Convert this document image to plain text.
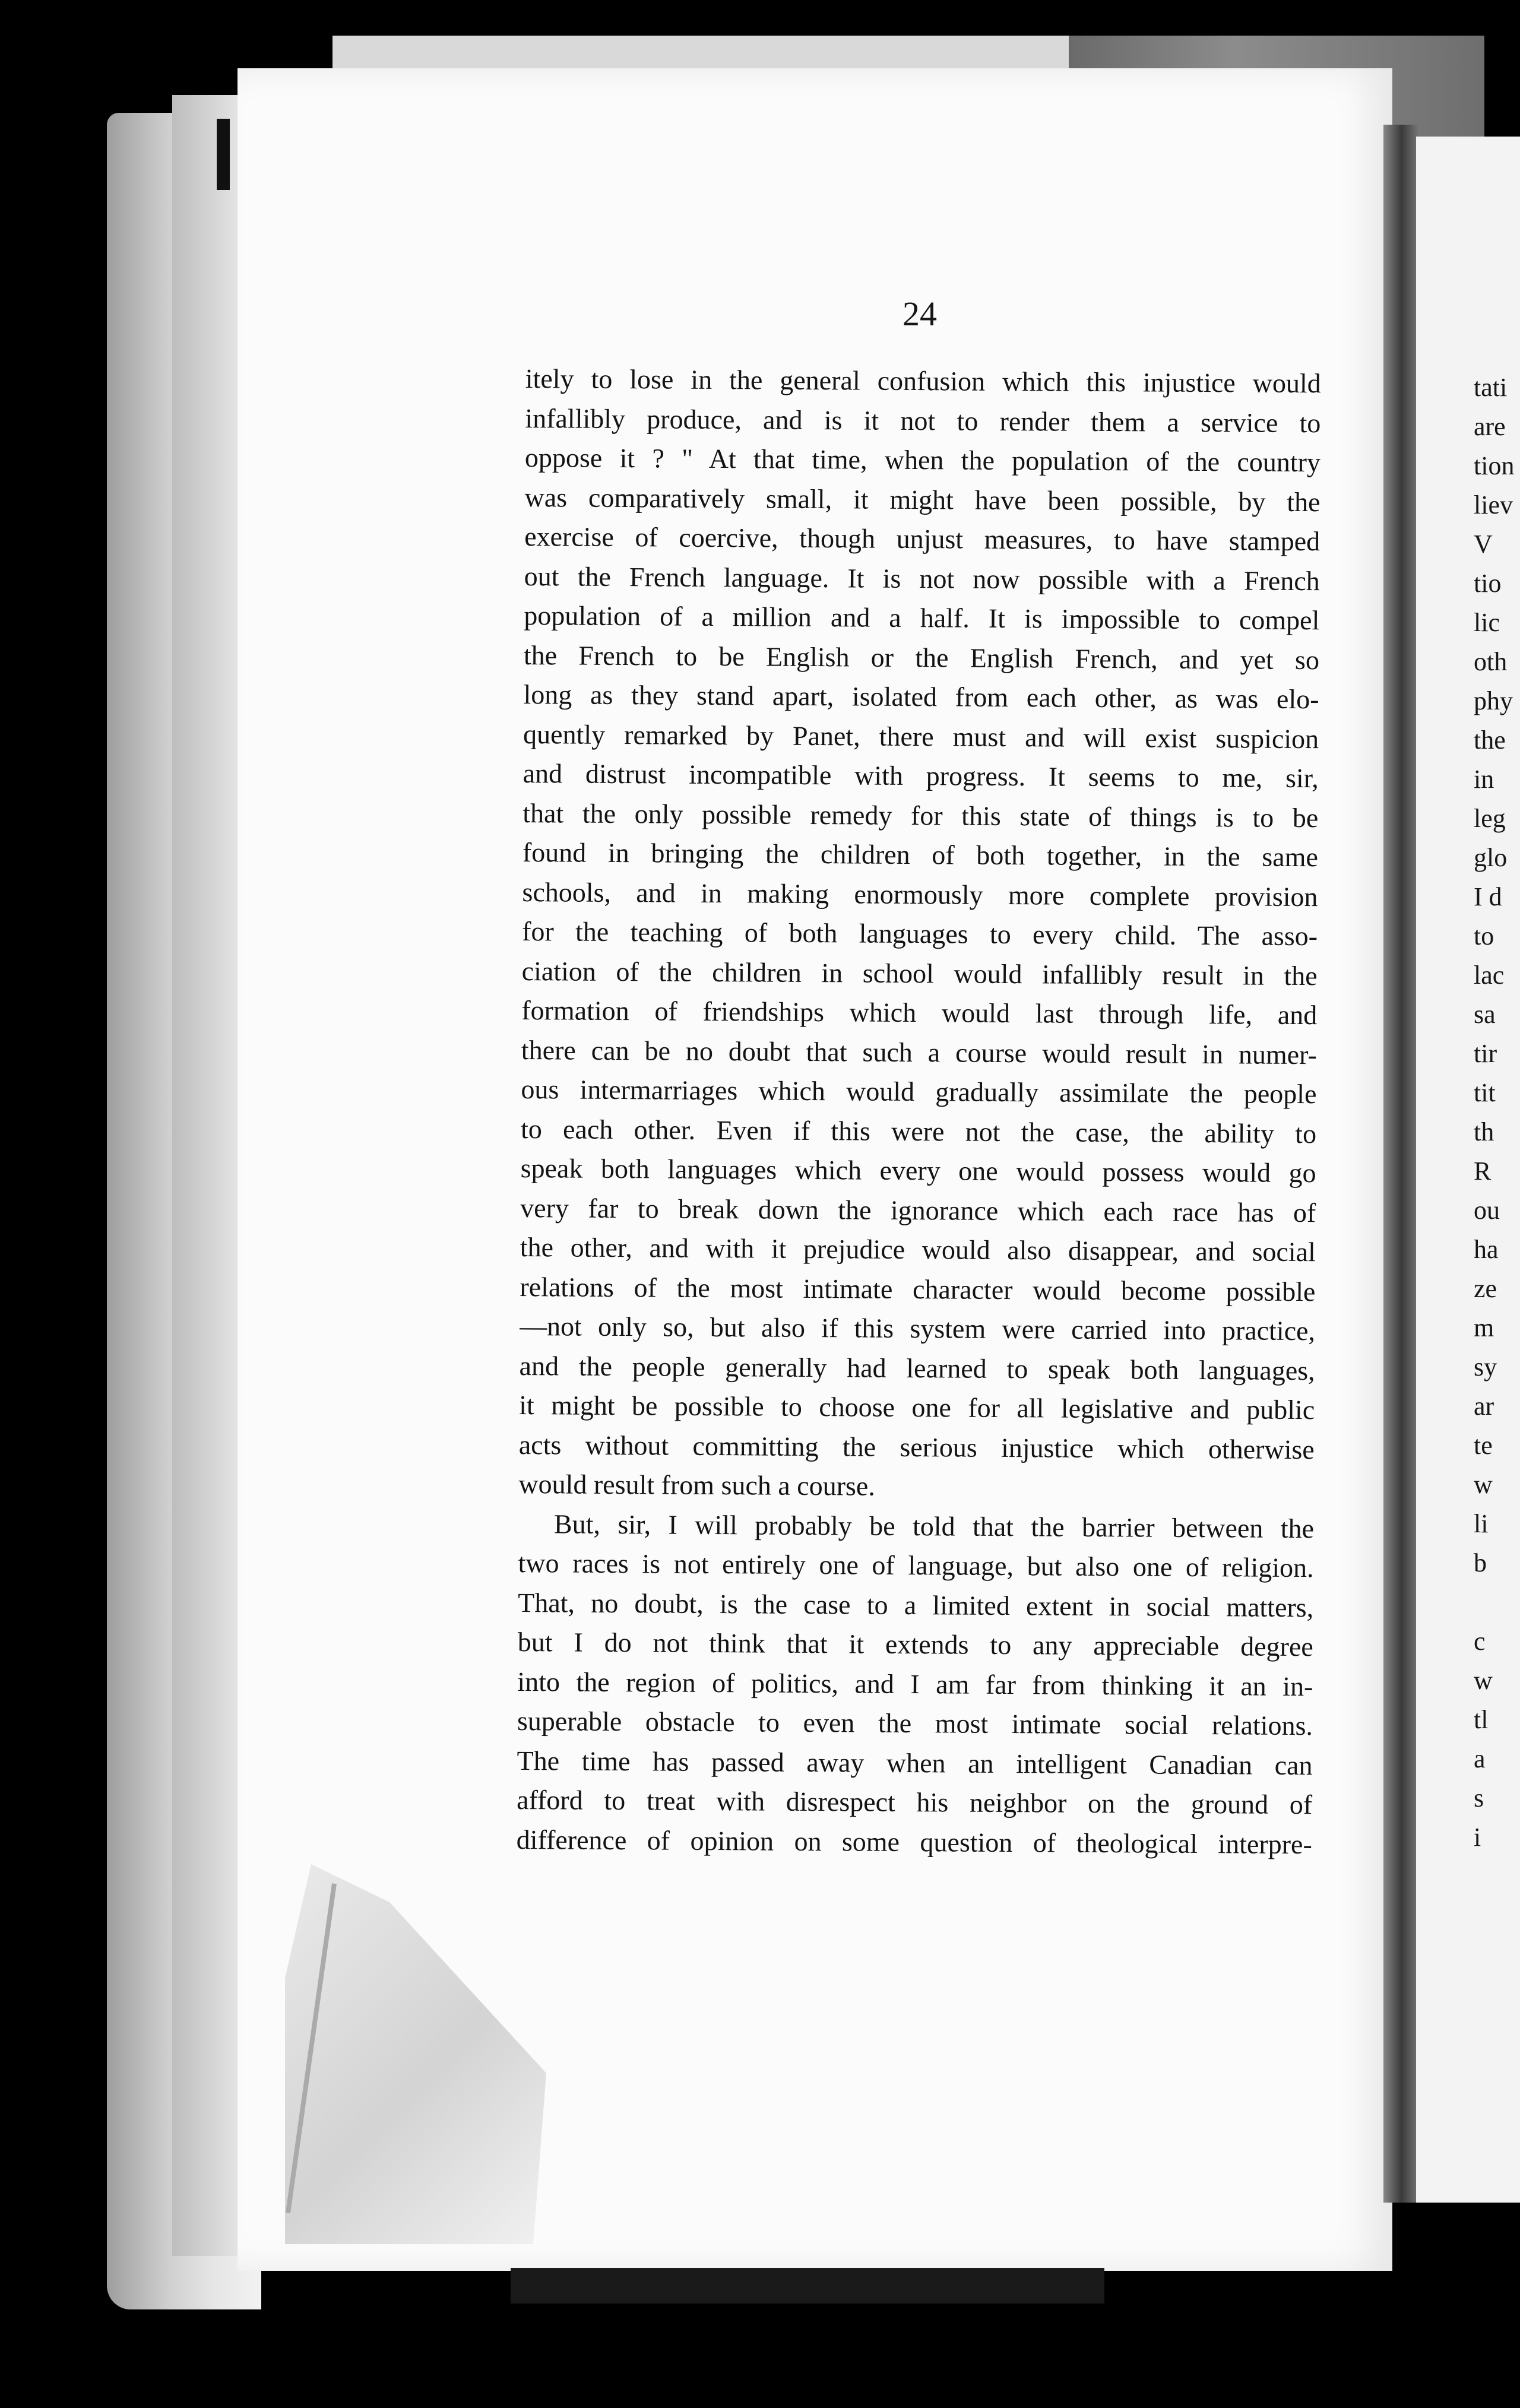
tati
are
tion
liev
V
tio
lic
oth
phy
the
in
leg
glo
I d
to
lac
sa
tir
tit
th
R
ou
ha
ze
m
sy
ar
te
w
li
b
c
w
tl
a
s
i
24
itely to lose in the general confusion which this injustice would
infallibly produce, and is it not to render them a service to
oppose it ? " At that time, when the population of the country
was comparatively small, it might have been possible, by the
exercise of coercive, though unjust measures, to have stamped
out the French language. It is not now possible with a French
population of a million and a half. It is impossible to compel
the French to be English or the English French, and yet so
long as they stand apart, isolated from each other, as was elo-
quently remarked by Panet, there must and will exist suspicion
and distrust incompatible with progress. It seems to me, sir,
that the only possible remedy for this state of things is to be
found in bringing the children of both together, in the same
schools, and in making enormously more complete provision
for the teaching of both languages to every child. The asso-
ciation of the children in school would infallibly result in the
formation of friendships which would last through life, and
there can be no doubt that such a course would result in numer-
ous intermarriages which would gradually assimilate the people
to each other. Even if this were not the case, the ability to
speak both languages which every one would possess would go
very far to break down the ignorance which each race has of
the other, and with it prejudice would also disappear, and social
relations of the most intimate character would become possible
—not only so, but also if this system were carried into practice,
and the people generally had learned to speak both languages,
it might be possible to choose one for all legislative and public
acts without committing the serious injustice which otherwise
would result from such a course.
But, sir, I will probably be told that the barrier between the
two races is not entirely one of language, but also one of religion.
That, no doubt, is the case to a limited extent in social matters,
but I do not think that it extends to any appreciable degree
into the region of politics, and I am far from thinking it an in-
superable obstacle to even the most intimate social relations.
The time has passed away when an intelligent Canadian can
afford to treat with disrespect his neighbor on the ground of
difference of opinion on some question of theological interpre-
